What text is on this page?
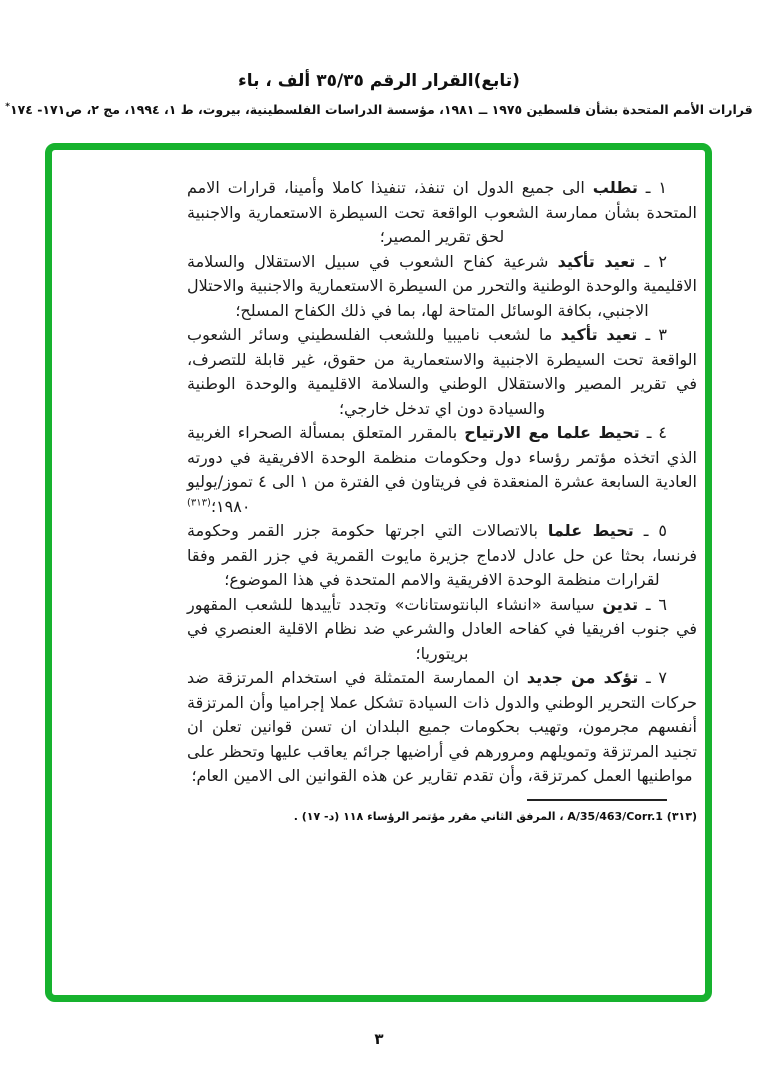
(تابع)القرار الرقم ٣٥/٣٥ ألف ، باء
قرارات الأمم المتحدة بشأن فلسطين ١٩٧٥ ــ ١٩٨١، مؤسسة الدراسات الفلسطينية، بيروت، ط ١، ١٩٩٤، مج ٢، ص١٧١- ١٧٤*

١ ـ تطلب الى جميع الدول ان تنفذ، تنفيذا كاملا وأمينا، قرارات الامم المتحدة بشأن ممارسة الشعوب الواقعة تحت السيطرة الاستعمارية والاجنبية لحق تقرير المصير؛

٢ ـ تعيد تأكيد شرعية كفاح الشعوب في سبيل الاستقلال والسلامة الاقليمية والوحدة الوطنية والتحرر من السيطرة الاستعمارية والاجنبية والاحتلال الاجنبي، بكافة الوسائل المتاحة لها، بما في ذلك الكفاح المسلح؛

٣ ـ تعيد تأكيد ما لشعب ناميبيا وللشعب الفلسطيني وسائر الشعوب الواقعة تحت السيطرة الاجنبية والاستعمارية من حقوق، غير قابلة للتصرف، في تقرير المصير والاستقلال الوطني والسلامة الاقليمية والوحدة الوطنية والسيادة دون اي تدخل خارجي؛

٤ ـ تحيط علما مع الارتياح بالمقرر المتعلق بمسألة الصحراء الغربية الذي اتخذه مؤتمر رؤساء دول وحكومات منظمة الوحدة الافريقية في دورته العادية السابعة عشرة المنعقدة في فريتاون في الفترة من ١ الى ٤ تموز/يوليو ١٩٨٠؛$^{(٣١٣)}$

٥ ـ تحيط علما بالاتصالات التي اجرتها حكومة جزر القمر وحكومة فرنسا، بحثا عن حل عادل لادماج جزيرة مايوت القمرية في جزر القمر وفقا لقرارات منظمة الوحدة الافريقية والامم المتحدة في هذا الموضوع؛

٦ ـ تدين سياسة «انشاء البانتوستانات» وتجدد تأييدها للشعب المقهور في جنوب افريقيا في كفاحه العادل والشرعي ضد نظام الاقلية العنصري في بريتوريا؛

٧ ـ تؤكد من جديد ان الممارسة المتمثلة في استخدام المرتزقة ضد حركات التحرير الوطني والدول ذات السيادة تشكل عملا إجراميا وأن المرتزقة أنفسهم مجرمون، وتهيب بحكومات جميع البلدان ان تسن قوانين تعلن ان تجنيد المرتزقة وتمويلهم ومرورهم في أراضيها جرائم يعاقب عليها وتحظر على مواطنيها العمل كمرتزقة، وأن تقدم تقارير عن هذه القوانين الى الامين العام؛

(٣١٣) A/35/463/Corr.1 ، المرفق الثاني مقرر مؤتمر الرؤساء ١١٨ (د- ١٧) .
٣
